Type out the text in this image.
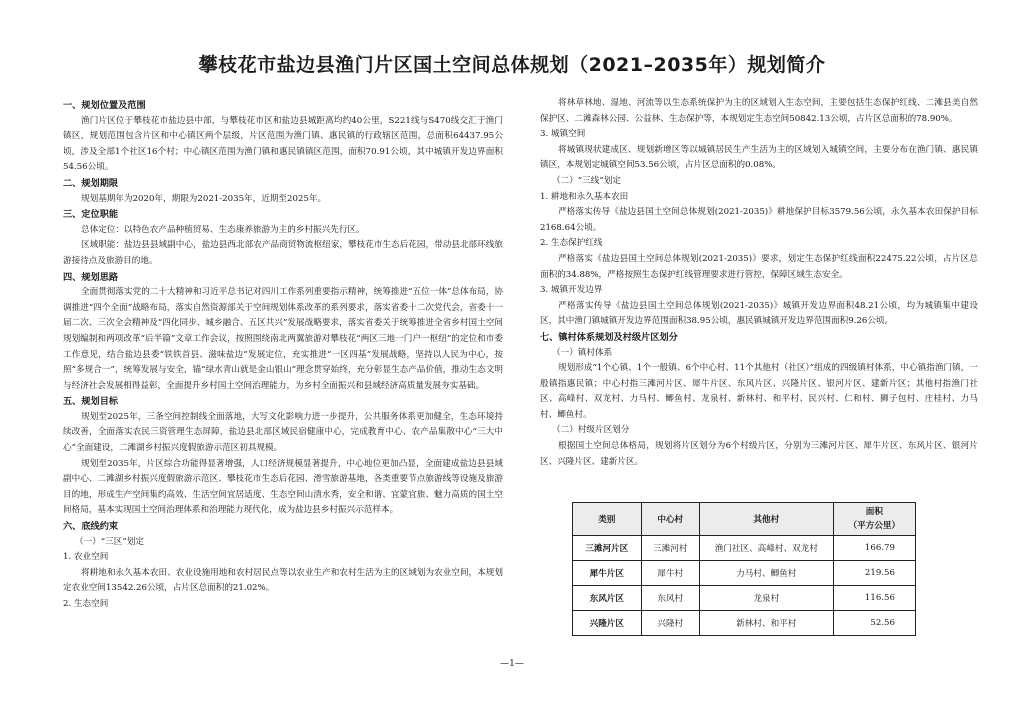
攀枝花市盐边县渔门片区国土空间总体规划（2021–2035年）规划简介
一、规划位置及范围

渔门片区位于攀枝花市盐边县中部，与攀枝花市区和盐边县城距离均约40公里，S221线与S470线交汇于渔门镇区，规划范围包含片区和中心镇区两个层级，片区范围为渔门镇、惠民镇的行政辖区范围，总面积64437.95公顷，涉及全部1个社区16个村；中心镇区范围为渔门镇和惠民镇镇区范围，面积70.91公顷，其中城镇开发边界面积54.56公顷。

二、规划期限

规划基期年为2020年，期限为2021-2035年，近期至2025年。

三、定位职能

总体定位：以特色农产品种植贸易、生态康养旅游为主的乡村振兴先行区。

区域职能：盐边县县域副中心，盐边县西北部农产品商贸物流枢纽家，攀枝花市生态后花园，带动县北部环线旅游接待点及旅游目的地。

四、规划思路

全面贯彻落实党的二十大精神和习近平总书记对四川工作系列重要指示精神，统筹推进“五位一体”总体布局，协调推进“四个全面”战略布局，落实自然资源部关于空间规划体系改革的系列要求，落实省委十二次党代会，省委十一届二次、三次全会精神及“四化同步、城乡融合、五区共兴”发展战略要求，落实省委关于统筹推进全省乡村国土空间规划编制和两项改革“后半篇”文章工作会议，按照围绕南北两翼旅游对攀枝花“两区三地一门户一枢纽”的定位和市委工作意见，结合盐边县委“铁铁首县、滋味盐边”发展定位，充实推进“一区四基”发展战略，坚持以人民为中心，按照“多规合一”，统筹发展与安全，锚“绿水青山就是金山银山”理念贯穿始终，充分彰显生态产品价值，推动生态文明与经济社会发展相得益彰，全面提升乡村国土空间治理能力，为乡村全面振兴和县域经济高质量发展夯实基础。

五、规划目标

规划至2025年，三条空间控制线全面落地，大写文化影响力进一步提升，公共服务体系更加健全，生态环境持续改善，全面落实农民三资管理生态屏障，盐边县北部区域民宿健康中心，完成教育中心、农产品集散中心“三大中心”全面建设，二滩湖乡村振兴度假旅游示范区初具规模。

规划至2035年，片区综合功能得显著增强，人口经济规模显著提升，中心地位更加凸显，全面建成盐边县县域副中心、二滩湖乡村振兴度假旅游示范区、攀枝花市生态后花园、滑雪旅游基地，各类重要节点旅游线等设施及旅游目的地，形成生产空间集约高效、生活空间宜居适度、生态空间山清水秀，安全和谐、宜蒙宜旅、魅力高质的国土空间格局，基本实现国土空间治理体系和治理能力现代化，成为盐边县乡村振兴示范样本。

六、底线约束
（一）“三区”划定
1. 农业空间

将耕地和永久基本农田、农业设施用地和农村居民点等以农业生产和农村生活为主的区域划为农业空间，本规划定农业空间13542.26公顷，占片区总面积的21.02%。

2. 生态空间

将林草林地、湿地、河流等以生态系统保护为主的区域划入生态空间，主要包括生态保护红线、二滩县美自然保护区、二滩森林公园、公益林、生态保护等，本规划定生态空间50842.13公顷，占片区总面积的78.90%。

3. 城镇空间

将城镇现状建成区、规划新增区等以城镇居民生产生活为主的区域划入城镇空间，主要分布在渔门镇、惠民镇镇区，本规划定城镇空间53.56公顷，占片区总面积的0.08%。

（二）“三线”划定
1. 耕地和永久基本农田

严格落实传导《盐边县国土空间总体规划(2021-2035)》耕地保护目标3579.56公顷，永久基本农田保护目标2168.64公顷。

2. 生态保护红线

严格落实《盐边县国土空间总体规划(2021-2035)》要求，划定生态保护红线面积22475.22公顷，占片区总面积的34.88%，严格按照生态保护红线管理要求进行管控，保障区域生态安全。

3. 城镇开发边界

严格落实传导《盐边县国土空间总体规划(2021-2035)》城镇开发边界面积48.21公顷，均为城镇集中建设区，其中渔门镇城镇开发边界范围面积38.95公顷，惠民镇城镇开发边界范围面积9.26公顷。

七、镇村体系规划及村级片区划分
（一）镇村体系

规划形成“1个心镇、1个一般镇、6个中心村、11个其他村（社区）”组成的四级镇村体系，中心镇指渔门镇，一般镇指惠民镇；中心村指三滩河片区、犀牛片区、东风片区、兴隆片区、银河片区、建新片区；其他村指渔门社区、高峰村、双龙村、力马村、鲫鱼村、龙泉村、新林村、和平村、民兴村、仁和村、狮子包村、庄桂村、力马村、鲫鱼村。

（二）村级片区划分

根据国土空间总体格局，规划将片区划分为6个村级片区，分别为三滩河片区、犀牛片区、东风片区、银河片区、兴隆片区、建新片区。

类别	中心村	其他村	面积
（平方公里）

三滩河片区	三滩河村	渔门社区、高峰村、双龙村	166.79
犀牛片区	犀牛村	力马村、鲫鱼村	219.56
东风片区	东风村	龙泉村	116.56
兴隆片区	兴隆村	新林村、和平村	52.56
—1—
